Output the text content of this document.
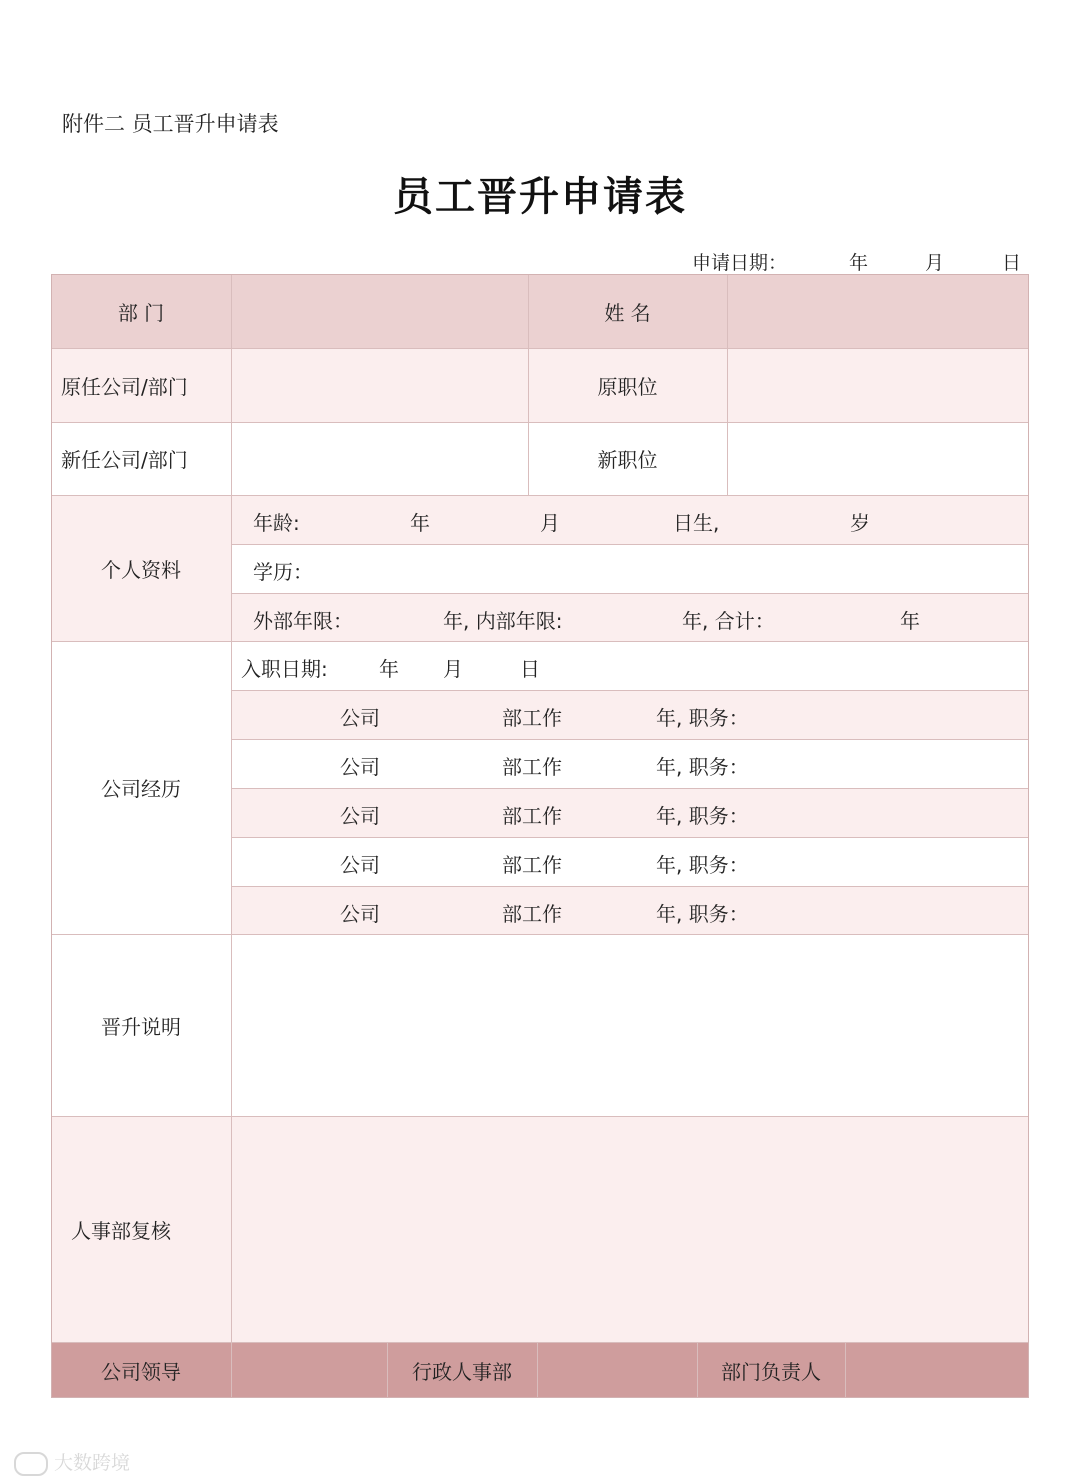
附件二 员工晋升申请表
员工晋升申请表
申请日期：	年	月	日
部 门	姓 名
原任公司/部门	原职位
新任公司/部门	新职位
个人资料
年龄:	年	月	日生,	岁
学历：
外部年限：	年, 内部年限:	年, 合计：	年
公司经历
入职日期:	年 月	日
公司	部工作	年, 职务：
公司	部工作	年, 职务：
公司	部工作	年, 职务：
公司	部工作	年, 职务：
公司	部工作	年, 职务：
晋升说明
人事部复核
公司领导	行政人事部	部门负责人
大数跨境
